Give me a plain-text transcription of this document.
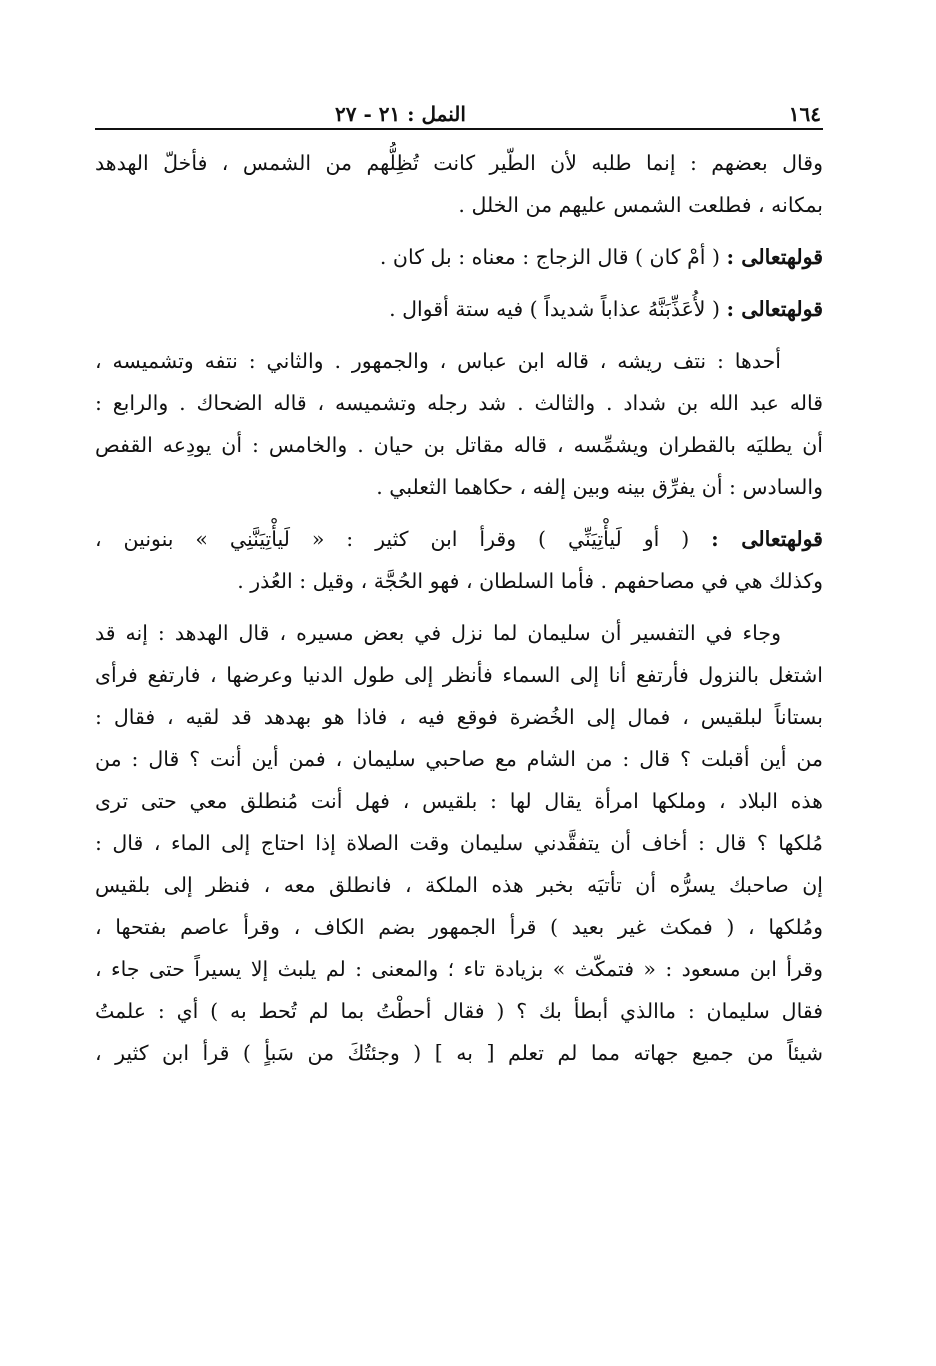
١٦٤
النمل : ٢١ - ٢٧
وقال بعضهم : إنما طلبه لأن الطّير كانت تُظِلُّهم من الشمس ، فأخلّ الهدهد
بمكانه ، فطلعت الشمس عليهم من الخلل .
قولهتعالى : ( أمْ كان ) قال الزجاج : معناه : بل كان .
قولهتعالى : ( لأُعَذِّبَنَّهُ عذاباً شديداً ) فيه ستة أقوال .
أحدها : نتف ريشه ، قاله ابن عباس ، والجمهور . والثاني : نتفه وتشميسه ،
قاله عبد الله بن شداد . والثالث . شد رجله وتشميسه ، قاله الضحاك . والرابع :
أن يطليَه بالقطران ويشمِّسه ، قاله مقاتل بن حيان . والخامس : أن يودِعه القفص
والسادس : أن يفرِّق بينه وبين إلفه ، حكاهما الثعلبي .
قولهتعالى : ( أو لَيأْتِيَنِّي ) وقرأ ابن كثير : « لَيأْتِيَنَّنِي » بنونين ،
وكذلك هي في مصاحفهم . فأما السلطان ، فهو الحُجَّة ، وقيل : العُذر .
وجاء في التفسير أن سليمان لما نزل في بعض مسيره ، قال الهدهد : إنه قد
اشتغل بالنزول فأرتفع أنا إلى السماء فأنظر إلى طول الدنيا وعرضها ، فارتفع فرأى
بستاناً لبلقيس ، فمال إلى الخُضرة فوقع فيه ، فاذا هو بهدهد قد لقيه ، فقال :
من أين أقبلت ؟ قال : من الشام مع صاحبي سليمان ، فمن أين أنت ؟ قال : من
هذه البلاد ، وملكها امرأة يقال لها : بلقيس ، فهل أنت مُنطلق معي حتى ترى
مُلكها ؟ قال : أخاف أن يتفقَّدني سليمان وقت الصلاة إذا احتاج إلى الماء ، قال :
إن صاحبك يسرُّه أن تأتيَه بخبر هذه الملكة ، فانطلق معه ، فنظر إلى بلقيس
ومُلكها ، ( فمكث غير بعيد ) قرأ الجمهور بضم الكاف ، وقرأ عاصم بفتحها ،
وقرأ ابن مسعود : « فتمكّث » بزيادة تاء ؛ والمعنى : لم يلبث إلا يسيراً حتى جاء ،
فقال سليمان : ماالذي أبطأ بك ؟ ( فقال أحطْتُ بما لم تُحط به ) أي : علمتُ
شيئاً من جميع جهاته مما لم تعلم [ به ] ( وجئتُكَ من سَبأٍ ) قرأ ابن كثير ،
